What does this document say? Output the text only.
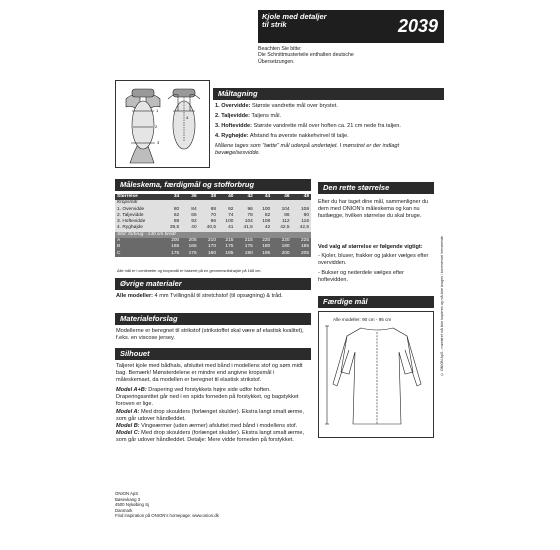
Kjole med detaljer
til strik	2039
Beachten Sie bitte:
Die Schnittmusterteile enthalten deutsche
Übersetzungen.
Måltagning
1
2
3
4
1. Overvidde: Største vandrette mål over brystet.
2. Taljevidde: Taljens mål.
3. Hoftevidde: Største vandrette mål over hoften ca. 21 cm nede fra taljen.
4. Ryghøjde: Afstand fra øverste nakkehvirvel til talje.
Målene tages som "tætte" mål udenpå undertøjet. I mønstret er der indlagt bevægelsesvidde.
Måleskema, færdigmål og stofforbrug
Størrelse	34	36	38	40	42	44	46	48
Kropsmål								
1. Overvidde	80	84	88	92	96	100	104	108
2. Taljevidde	62	66	70	74	78	82	86	90
3. Hoftevidde	88	92	96	100	104	108	112	116
4. Ryghøjde	39,5	40	40,5	41	41,5	42	42,5	42,5
Stof: forbrug - 140 cm bredt								
A	200	205	210	215	215	220	220	225
B	165	165	170	175	175	180	180	185
C	175	175	180	185	190	195	200	205
Alle mål er i centimeter og kropsmål er baseret på en gennemsnitshøjde på 168 cm.
Øvrige materialer
Alle modeller: 4 mm Tvillingnål til stretchstof (til opsøgning) & tråd.
Materialeforslag
Modellerne er beregnet til strikstof (strikstoffet skal være af elastisk kvalitet), f.eks. en viscose jersey.
Silhouet
Taljeret kjole med bådhals, afsluttet med bånd i modellens stof og søm midt bag. Bemærk! Mønsterdelene er mindre end angivne kropsmål i måleskemaet, da modellen er beregnet til elastisk strikstof.
Model A+B: Drapering ved forstykkets højre side udfor hoften. Draperingssnittet går ned i en spids forneden på forstykket, og bagstykket foroven er lige.
Model A: Med drop skoulders (forlænget skulder). Ekstra langt smalt ærme, som går udover håndleddet.
Model B: Vingeærmer (uden ærmer) afsluttet med bånd i modellens stof.
Model C: Med drop skoulders (forlænget skulder). Ekstra langt smalt ærme, som går udover håndleddet. Detalje: Mere vidde forneden på forstykket.
Den rette størrelse
Efter du har taget dine mål, sammenligner du dem med ONION's måleskema og kan nu fastlægge, hvilken størrelse du skal bruge.
Ved valg af størrelse er følgende vigtigt:
- Kjoler, bluser, frakker og jakker vælges efter overvidden.
- Bukser og nederdele vælges efter hoftevidden.
Færdige mål
Alle modeller: 90 cm - 95 cm	© ONION ApS - mønstret må ikke kopieres og må ikke bruges i kommerciel henseende
ONION ApS
Bøsevkang 3
4500 Nykøbing Sj
Danmark
Find inspiration på ONION's homepage: www.onion.dk
